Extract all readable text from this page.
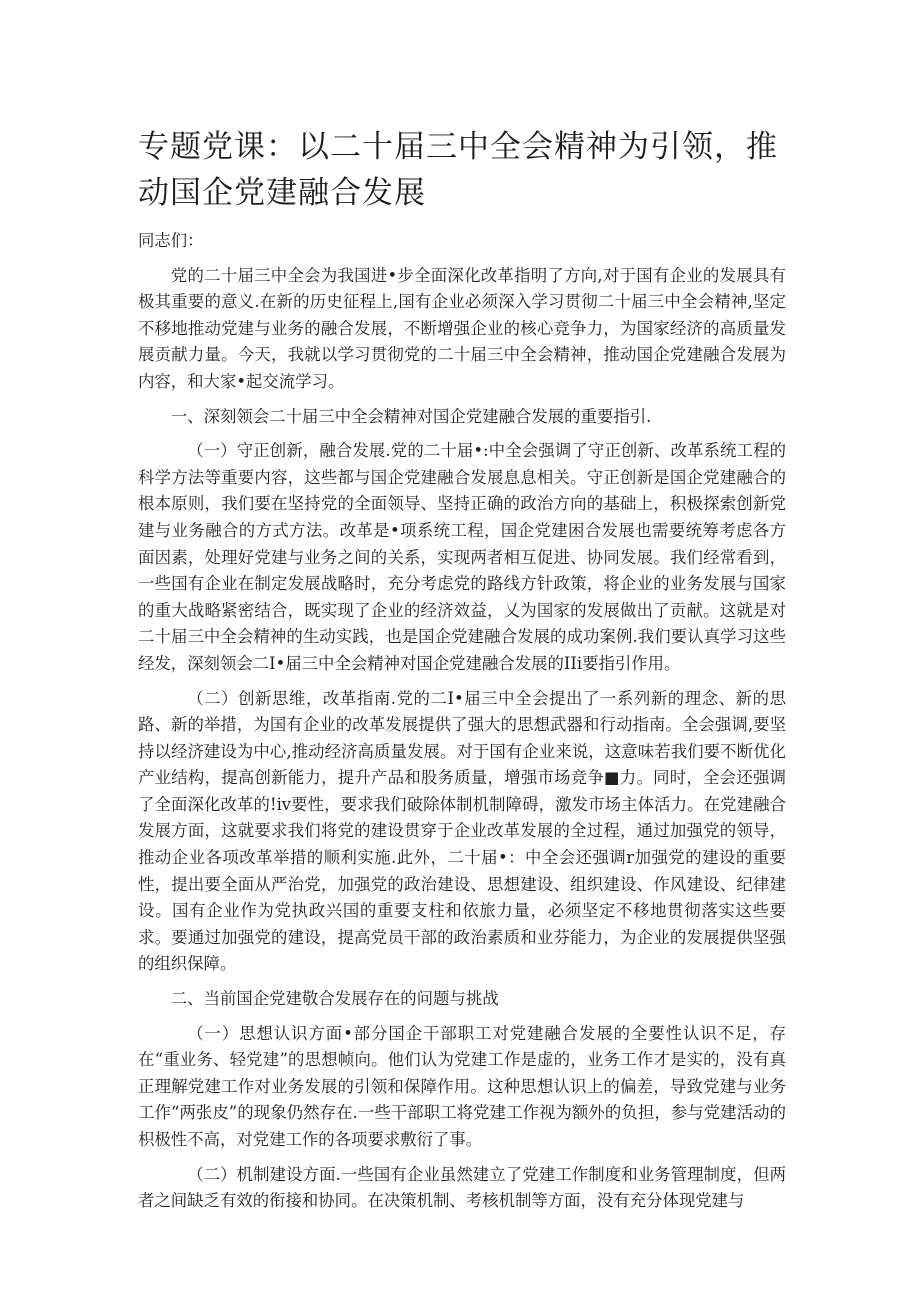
专题党课：以二十届三中全会精神为引领，推动国企党建融合发展

同志们：

党的二十届三中全会为我国进•步全面深化改革指明了方向,对于国有企业的发展具有极其重要的意义.在新的历史征程上,国有企业必须深入学习贯彻二十届三中全会精神,坚定不移地推动党建与业务的融合发展，不断增强企业的核心竞争力，为国家经济的高质量发展贡献力量。今天，我就以学习贯彻党的二十届三中全会精神，推动国企党建融合发展为内容，和大家•起交流学习。

一、深刻领会二十届三中全会精神对国企党建融合发展的重要指引.

（一）守正创新，融合发展.党的二十届•:中全会强调了守正创新、改革系统工程的科学方法等重要内容，这些都与国企党建融合发展息息相关。守正创新是国企党建融合的根本原则，我们要在坚持党的全面领导、坚持正确的政治方向的基础上，积极探索创新党建与业务融合的方式方法。改革是•项系统工程，国企党建困合发展也需要统筹考虑各方面因素，处理好党建与业务之间的关系，实现两者相互促进、协同发展。我们经常看到，一些国有企业在制定发展战略时，充分考虑党的路线方针政策，将企业的业务发展与国家的重大战略紧密结合，既实现了企业的经济效益，乂为国家的发展做出了贡献。这就是对二十届三中全会精神的生动实践，也是国企党建融合发展的成功案例.我们要认真学习这些经发，深刻领会二I•届三中全会精神对国企党建融合发展的IIi要指引作用。

（二）创新思维，改革指南.党的二I•届三中全会提出了一系列新的理念、新的思路、新的举措，为国有企业的改革发展提供了强大的思想武器和行动指南。全会强调,要坚持以经济建设为中心,推动经济高质量发展。对于国有企业来说，这意味若我们要不断优化产业结构，提高创新能力，提升产品和股务质量，增强市场竞争■力。同时，全会还强调了全面深化改革的!iv要性，要求我们破除体制机制障碍，激发市场主体活力。在党建融合发展方面，这就要求我们将党的建设贯穿于企业改革发展的全过程，通过加强党的领导，推动企业各项改革举措的顺利实施.此外，二十届•：中全会还强调r加强党的建设的重要性，提出要全面从严治党，加强党的政治建设、思想建设、组织建设、作风建设、纪律建设。国有企业作为党执政兴国的重要支柱和依旅力量，必须坚定不移地贯彻落实这些要求。要通过加强党的建设，提高党员干部的政治素质和业芬能力，为企业的发展提供坚强的组织保障。

二、当前国企党建敬合发展存在的问题与挑战

（一）思想认识方面•部分国企干部职工对党建融合发展的全要性认识不足，存在“重业务、轻党建”的思想帧向。他们认为党建工作是虚的，业务工作才是实的，没有真正理解党建工作对业务发展的引领和保障作用。这种思想认识上的偏差，导致党建与业务工作“两张皮”的现象仍然存在.一些干部职工将党建工作视为额外的负担，参与党建活动的枳极性不高，对党建工作的各项要求敷衍了事。

（二）机制建设方面.一些国有企业虽然建立了党建工作制度和业务管理制度，但两者之间缺乏有效的衔接和协同。在决策机制、考核机制等方面，没有充分体现党建与
